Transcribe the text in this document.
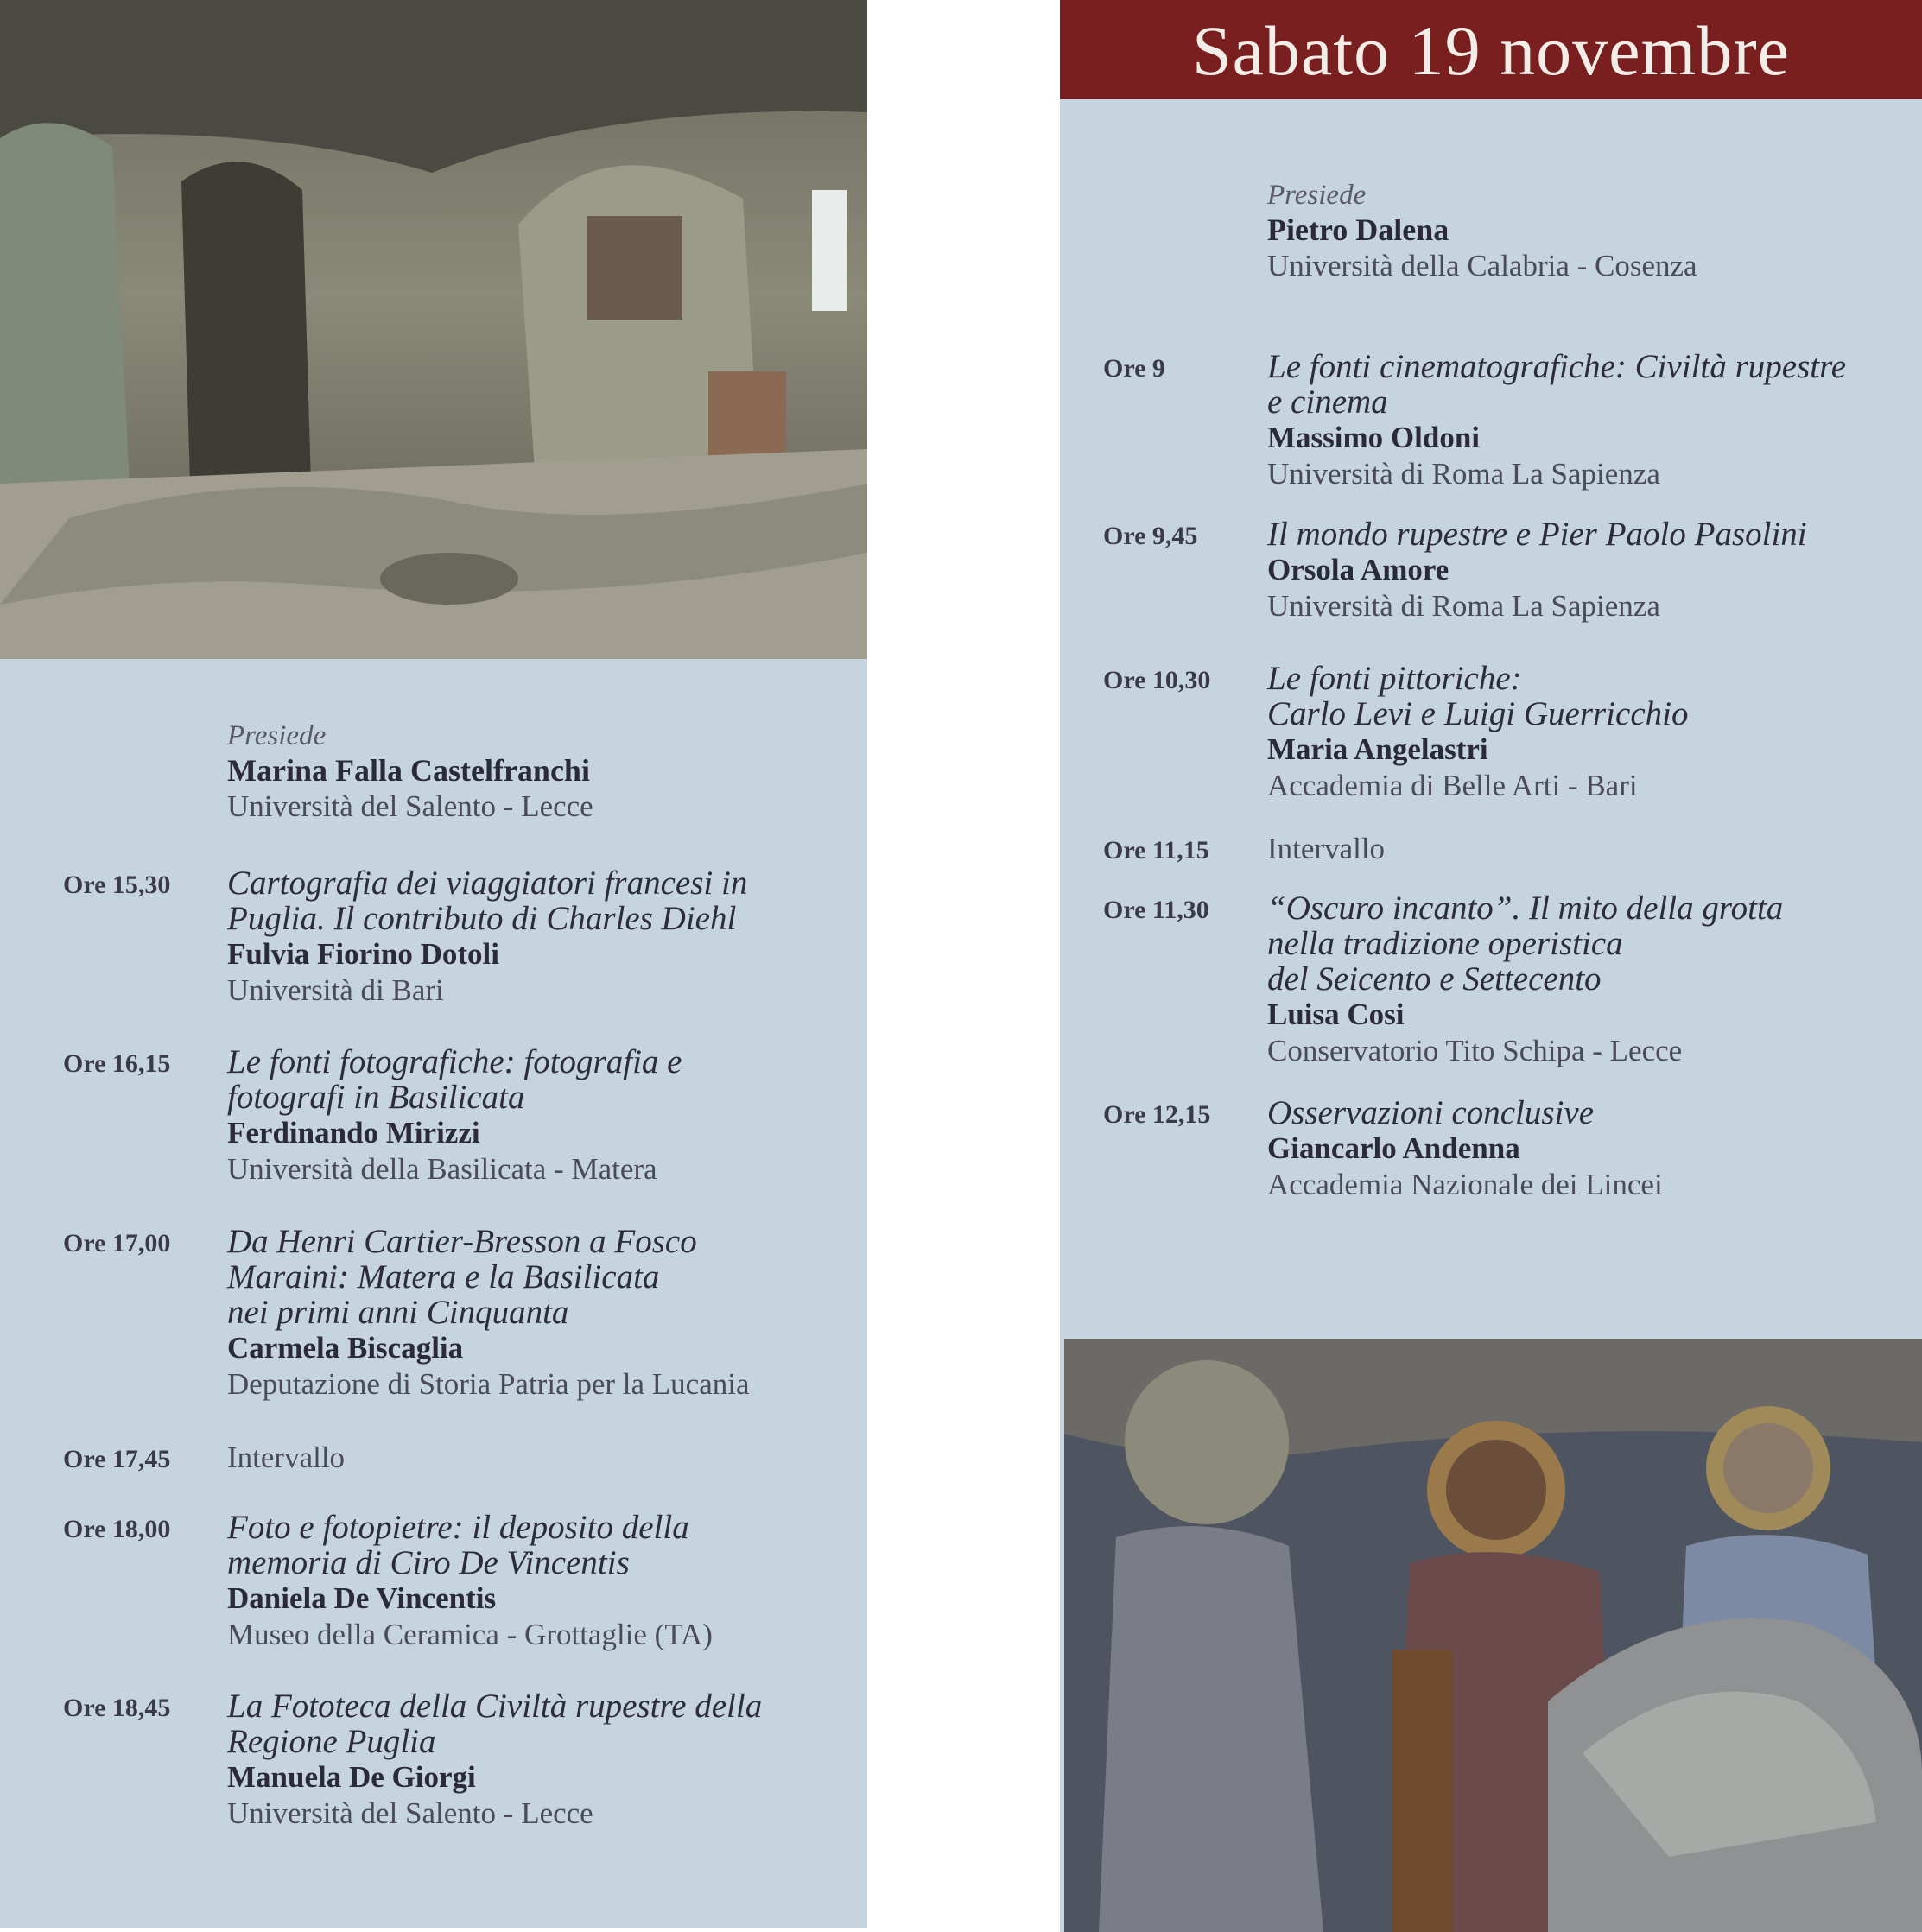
Presiede
Marina Falla Castelfranchi
Università del Salento - Lecce
Ore 15,30 Cartografia dei viaggiatori francesi in
Puglia. Il contributo di Charles Diehl
Fulvia Fiorino Dotoli
Università di Bari
Ore 16,15 Le fonti fotografiche: fotografia e
fotografi in Basilicata
Ferdinando Mirizzi
Università della Basilicata - Matera
Ore 17,00 Da Henri Cartier-Bresson a Fosco
Maraini: Matera e la Basilicata
nei primi anni Cinquanta
Carmela Biscaglia
Deputazione di Storia Patria per la Lucania
Ore 17,45 Intervallo
Ore 18,00 Foto e fotopietre: il deposito della
memoria di Ciro De Vincentis
Daniela De Vincentis
Museo della Ceramica - Grottaglie (TA)
Ore 18,45 La Fototeca della Civiltà rupestre della
Regione Puglia
Manuela De Giorgi
Università del Salento - Lecce
Sabato 19 novembre
Presiede
Pietro Dalena
Università della Calabria - Cosenza
Ore 9	Le fonti cinematografiche: Civiltà rupestre
e cinema
Massimo Oldoni
Università di Roma La Sapienza
Ore 9,45 Il mondo rupestre e Pier Paolo Pasolini
Orsola Amore
Università di Roma La Sapienza
Ore 10,30 Le fonti pittoriche:
Carlo Levi e Luigi Guerricchio
Maria Angelastri
Accademia di Belle Arti - Bari
Ore 11,15 Intervallo
Ore 11,30 “Oscuro incanto”. Il mito della grotta
nella tradizione operistica
del Seicento e Settecento
Luisa Cosi
Conservatorio Tito Schipa - Lecce
Ore 12,15 Osservazioni conclusive
Giancarlo Andenna
Accademia Nazionale dei Lincei
